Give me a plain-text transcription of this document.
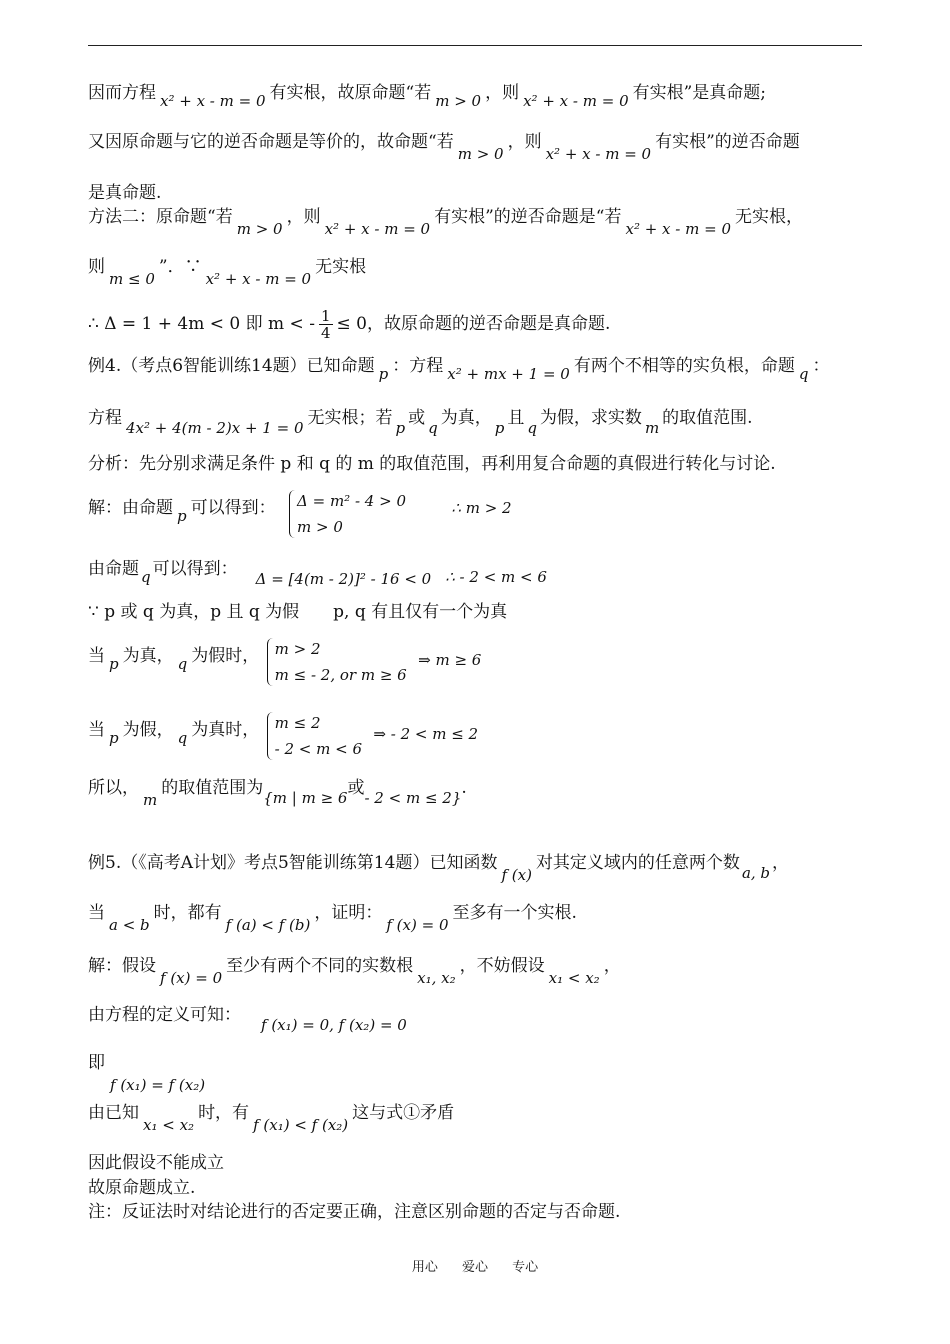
因而方程 x² + x - m = 0 有实根，故原命题“若 m > 0 ，则 x² + x - m = 0 有实根”是真命题;
又因原命题与它的逆否命题是等价的，故命题“若m > 0，则x² + x - m = 0有实根”的逆否命题
是真命题.
方法二：原命题“若m > 0，则x² + x - m = 0有实根”的逆否命题是“若x² + x - m = 0无实根，
则m ≤ 0”．∵x² + x - m = 0无实根
∴ Δ = 1 + 4m < 0 即 m < - $\frac{1}{4} \le 0$，故原命题的逆否命题是真命题.
例4.（考点6智能训练14题）已知命题 p ：方程 x² + mx + 1 = 0 有两个不相等的实负根，命题 q ：
方程 4x² + 4(m - 2)x + 1 = 0 无实根；若 p 或 q 为真， p 且 q 为假，求实数 m 的取值范围.
分析：先分别求满足条件 p 和 q 的 m 的取值范围，再利用复合命题的真假进行转化与讨论.
解：由命题 p 可以得到： Δ = m² - 4 > 0
m > 0
∴ m > 2
由命题 q 可以得到： Δ = [4(m - 2)]² - 16 < 0 ∴ - 2 < m < 6
∵ p 或 q 为真，p 且 q 为假　　p, q 有且仅有一个为真
当 p 为真， q 为假时， m > 2
m ≤ - 2, or m ≥ 6
⇒ m ≥ 6
当 p 为假， q 为真时， m ≤ 2
- 2 < m < 6
⇒ - 2 < m ≤ 2
所以，m的取值范围为{m | m ≥ 6或- 2 < m ≤ 2}.
例5.（《高考A计划》考点5智能训练第14题）已知函数f (x)对其定义域内的任意两个数 a, b ，
当a < b时，都有f (a) < f (b)，证明：f (x) = 0至多有一个实根.
解：假设f (x) = 0至少有两个不同的实数根x₁, x₂，不妨假设x₁ < x₂，
由方程的定义可知： f (x₁) = 0, f (x₂) = 0
即
f (x₁) = f (x₂)
由已知x₁ < x₂时，有f (x₁) < f (x₂)这与式①矛盾
因此假设不能成立
故原命题成立.
注：反证法时对结论进行的否定要正确，注意区别命题的否定与否命题.
用心 爱心 专心
